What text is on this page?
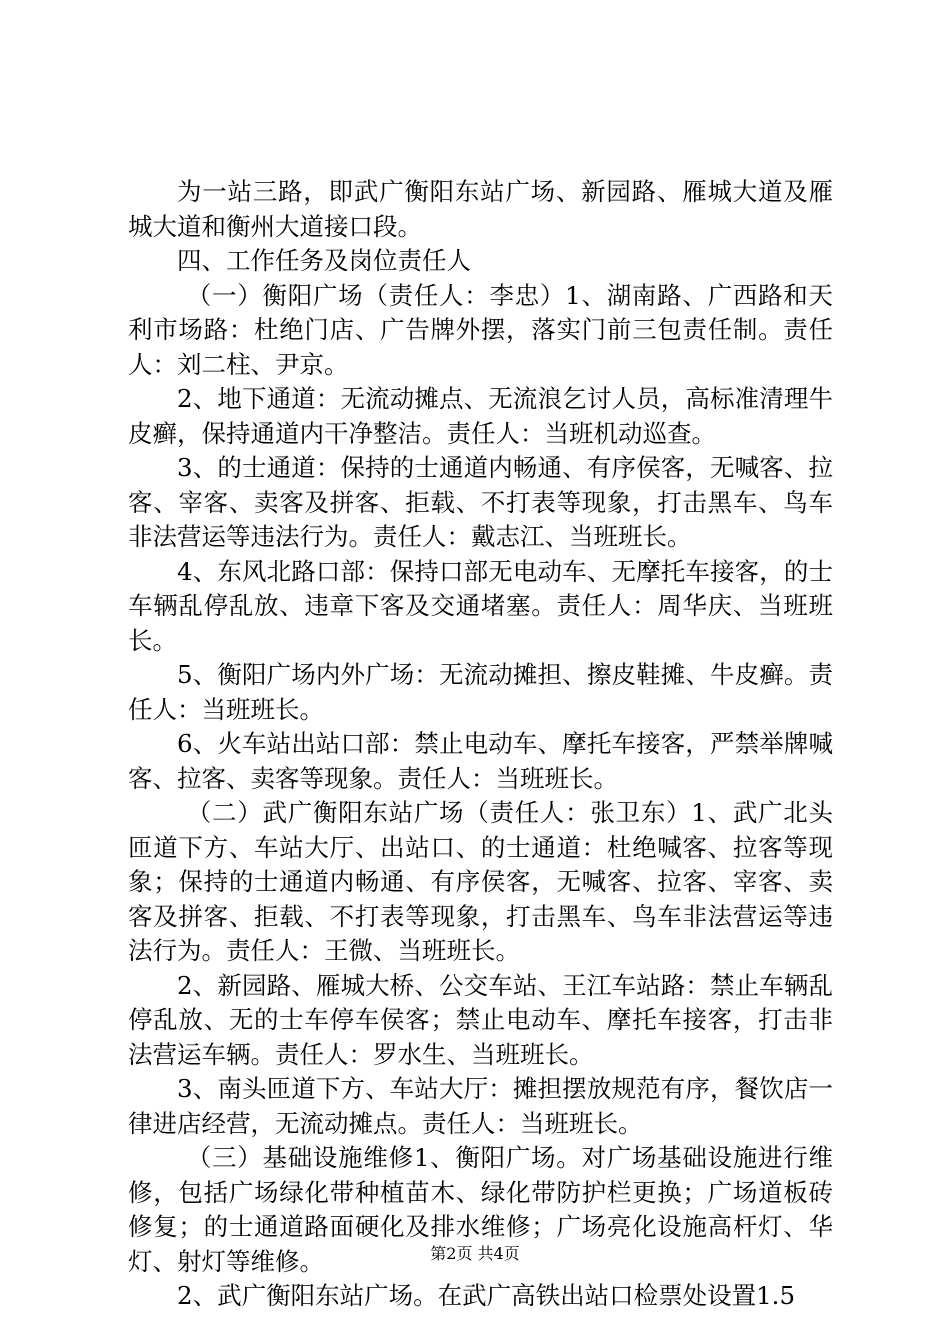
为一站三路，即武广衡阳东站广场、新园路、雁城大道及雁城大道和衡州大道接口段。

四、工作任务及岗位责任人

（一）衡阳广场（责任人：李忠）1、湖南路、广西路和天利市场路：杜绝门店、广告牌外摆，落实门前三包责任制。责任人：刘二柱、尹京。

2、地下通道：无流动摊点、无流浪乞讨人员，高标准清理牛皮癣，保持通道内干净整洁。责任人：当班机动巡查。

3、的士通道：保持的士通道内畅通、有序侯客，无喊客、拉客、宰客、卖客及拼客、拒载、不打表等现象，打击黑车、鸟车非法营运等违法行为。责任人：戴志江、当班班长。

4、东风北路口部：保持口部无电动车、无摩托车接客，的士车辆乱停乱放、违章下客及交通堵塞。责任人：周华庆、当班班长。

5、衡阳广场内外广场：无流动摊担、擦皮鞋摊、牛皮癣。责任人：当班班长。

6、火车站出站口部：禁止电动车、摩托车接客，严禁举牌喊客、拉客、卖客等现象。责任人：当班班长。

（二）武广衡阳东站广场（责任人：张卫东）1、武广北头匝道下方、车站大厅、出站口、的士通道：杜绝喊客、拉客等现象；保持的士通道内畅通、有序侯客，无喊客、拉客、宰客、卖客及拼客、拒载、不打表等现象，打击黑车、鸟车非法营运等违法行为。责任人：王微、当班班长。

2、新园路、雁城大桥、公交车站、王江车站路：禁止车辆乱停乱放、无的士车停车侯客；禁止电动车、摩托车接客，打击非法营运车辆。责任人：罗水生、当班班长。

3、南头匝道下方、车站大厅：摊担摆放规范有序，餐饮店一律进店经营，无流动摊点。责任人：当班班长。

（三）基础设施维修1、衡阳广场。对广场基础设施进行维修，包括广场绿化带种植苗木、绿化带防护栏更换；广场道板砖修复；的士通道路面硬化及排水维修；广场亮化设施高杆灯、华灯、射灯等维修。

2、武广衡阳东站广场。在武广高铁出站口检票处设置1.5

第2页 共4页
